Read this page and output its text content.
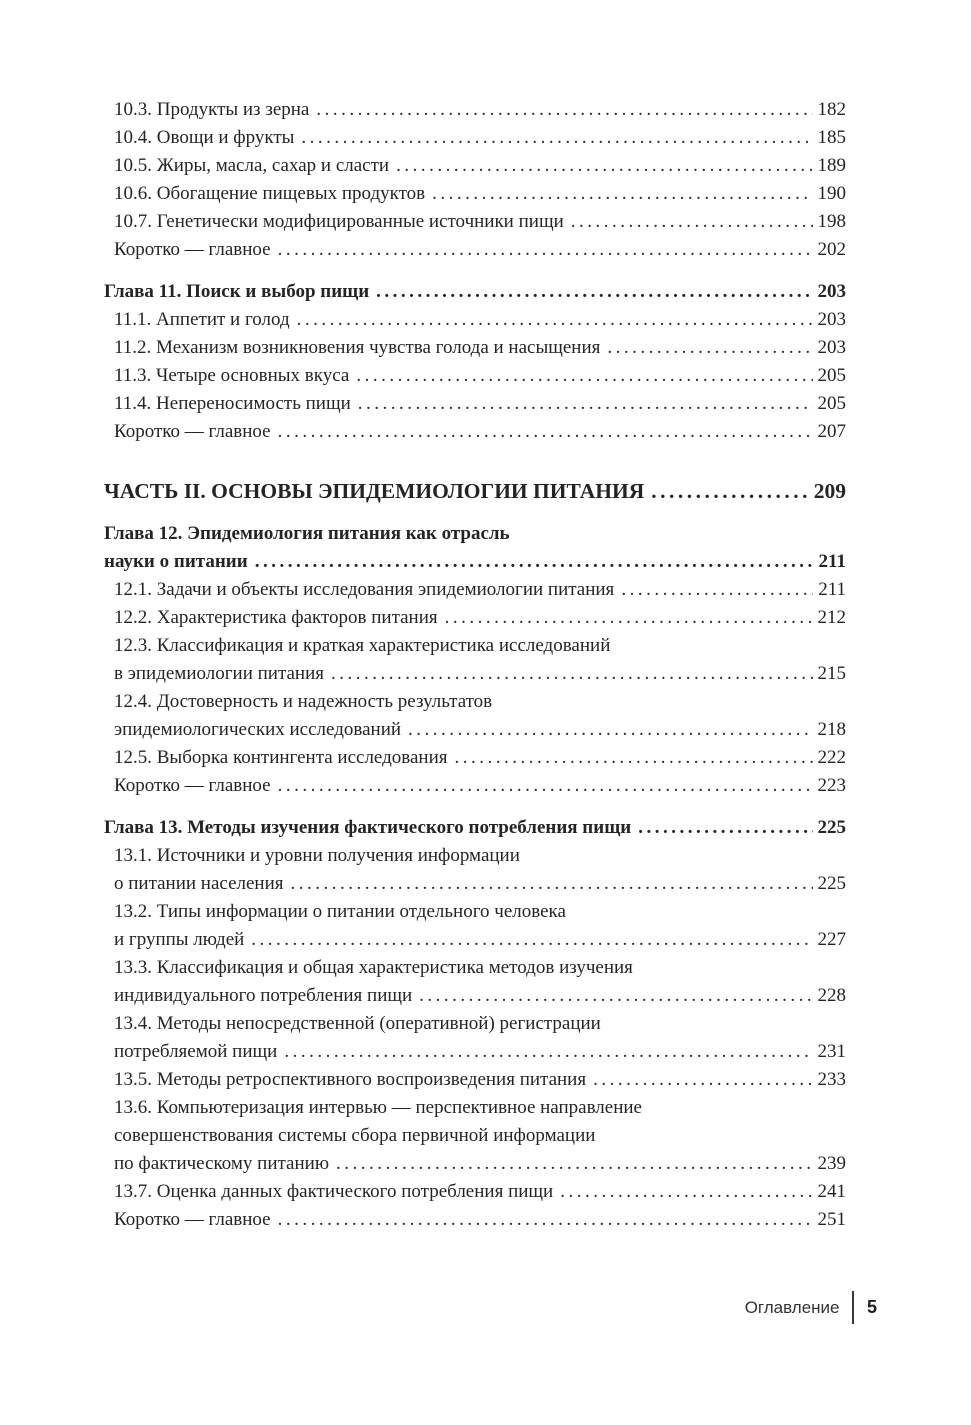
10.3. Продукты из зерна .....	182
10.4. Овощи и фрукты .....	185
10.5. Жиры, масла, сахар и сласти .....	189
10.6. Обогащение пищевых продуктов .....	190
10.7. Генетически модифицированные источники пищи .....	198
Коротко — главное .....	202
Глава 11. Поиск и выбор пищи .....	203
11.1. Аппетит и голод .....	203
11.2. Механизм возникновения чувства голода и насыщения .....	203
11.3. Четыре основных вкуса .....	205
11.4. Непереносимость пищи .....	205
Коротко — главное .....	207
ЧАСТЬ II. ОСНОВЫ ЭПИДЕМИОЛОГИИ ПИТАНИЯ .....	209
Глава 12. Эпидемиология питания как отрасль
науки о питании .....	211
12.1. Задачи и объекты исследования эпидемиологии питания .....	211
12.2. Характеристика факторов питания .....	212
12.3. Классификация и краткая характеристика исследований
в эпидемиологии питания .....	215
12.4. Достоверность и надежность результатов
эпидемиологических исследований .....	218
12.5. Выборка контингента исследования .....	222
Коротко — главное .....	223
Глава 13. Методы изучения фактического потребления пищи .....	225
13.1. Источники и уровни получения информации
о питании населения .....	225
13.2. Типы информации о питании отдельного человека
и группы людей .....	227
13.3. Классификация и общая характеристика методов изучения
индивидуального потребления пищи .....	228
13.4. Методы непосредственной (оперативной) регистрации
потребляемой пищи .....	231
13.5. Методы ретроспективного воспроизведения питания .....	233
13.6. Компьютеризация интервью — перспективное направление
совершенствования системы сбора первичной информации
по фактическому питанию .....	239
13.7. Оценка данных фактического потребления пищи .....	241
Коротко — главное .....	251
Оглавление 5
